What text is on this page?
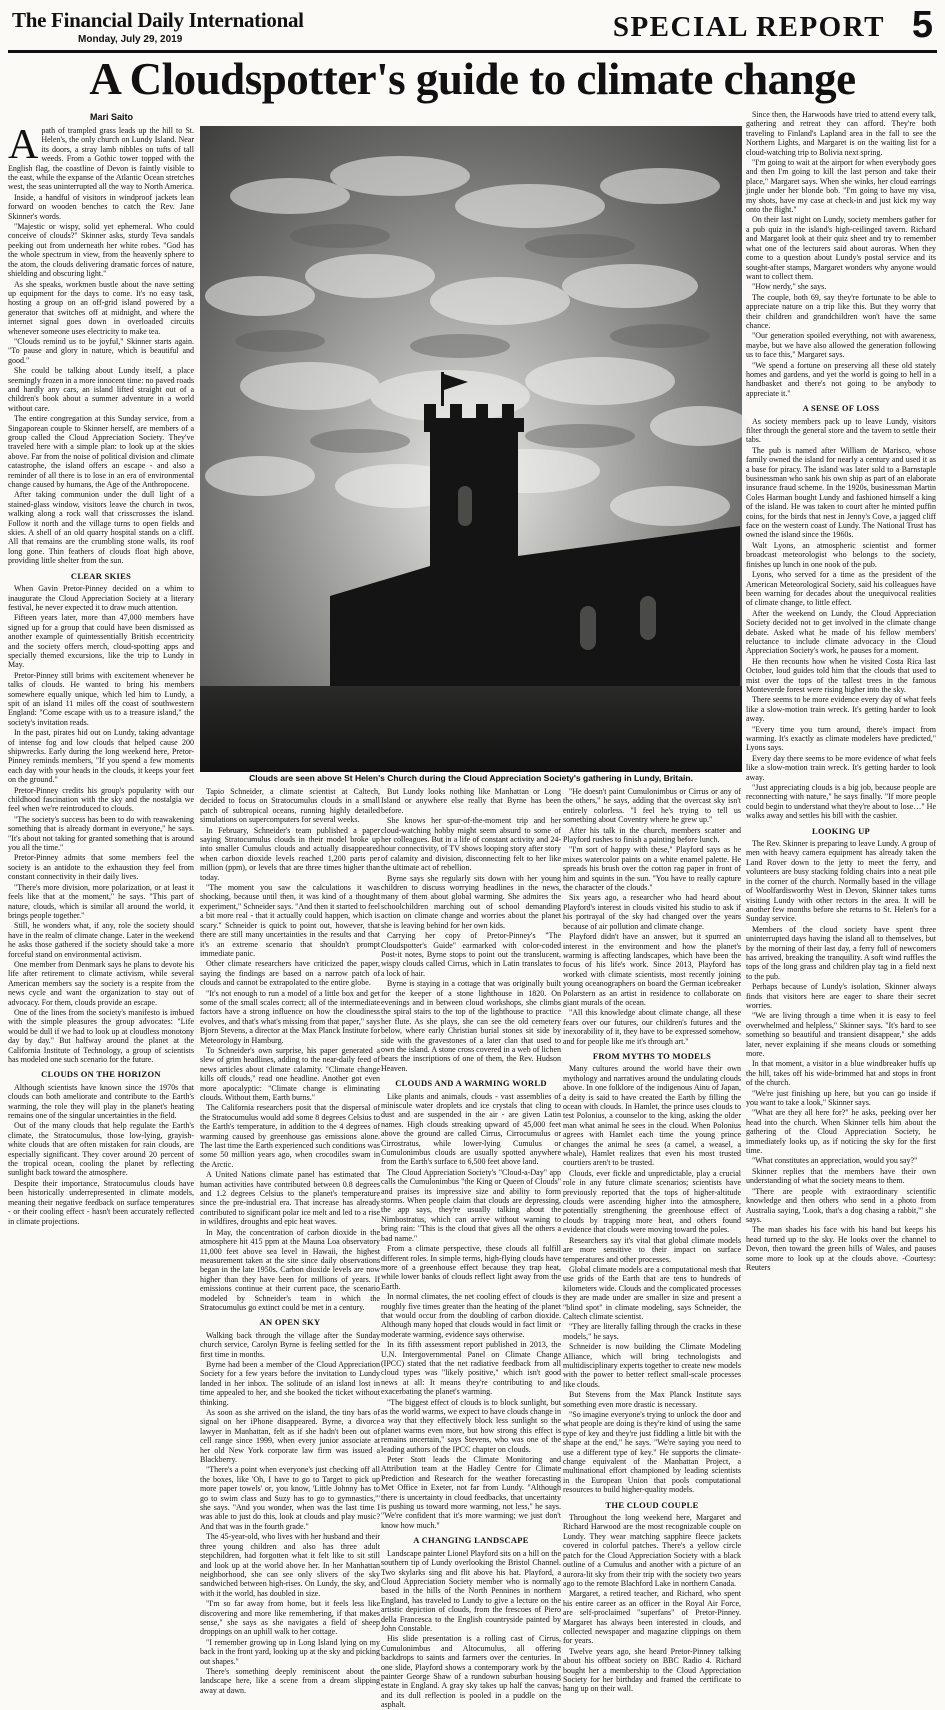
The Financial Daily International
Monday, July 29, 2019	SPECIAL REPORT 5
A Cloudspotter's guide to climate change
Mari Saito
Clouds are seen above St Helen's Church during the Cloud Appreciation Society's gathering in Lundy, Britain.

Apath of trampled grass leads up the hill to St. Helen's, the only church on Lundy Island. Near its doors, a stray lamb nibbles on tufts of tall weeds. From a Gothic tower topped with the English flag, the coastline of Devon is faintly visible to the east, while the expanse of the Atlantic Ocean stretches west, the seas uninterrupted all the way to North America.

Inside, a handful of visitors in windproof jackets lean forward on wooden benches to catch the Rev. Jane Skinner's words.

"Majestic or wispy, solid yet ephemeral. Who could conceive of clouds?" Skinner asks, sturdy Teva sandals peeking out from underneath her white robes. "God has the whole spectrum in view, from the heavenly sphere to the atom, the clouds delivering dramatic forces of nature, shielding and obscuring light."

As she speaks, workmen bustle about the nave setting up equipment for the days to come. It's no easy task, hosting a group on an off-grid island powered by a generator that switches off at midnight, and where the internet signal goes down in overloaded circuits whenever someone uses electricity to make tea.

"Clouds remind us to be joyful," Skinner starts again. "To pause and glory in nature, which is beautiful and good."

She could be talking about Lundy itself, a place seemingly frozen in a more innocent time: no paved roads and hardly any cars, an island lifted straight out of a children's book about a summer adventure in a world without care.

The entire congregation at this Sunday service, from a Singaporean couple to Skinner herself, are members of a group called the Cloud Appreciation Society. They've traveled here with a simple plan: to look up at the skies above. Far from the noise of political division and climate catastrophe, the island offers an escape - and also a reminder of all there is to lose in an era of environmental change caused by humans, the Age of the Anthropocene.

After taking communion under the dull light of a stained-glass window, visitors leave the church in twos, walking along a rock wall that crisscrosses the island. Follow it north and the village turns to open fields and skies. A shell of an old quarry hospital stands on a cliff. All that remains are the crumbling stone walls, its roof long gone. Thin feathers of clouds float high above, providing little shelter from the sun.

CLEAR SKIES

When Gavin Pretor-Pinney decided on a whim to inaugurate the Cloud Appreciation Society at a literary festival, he never expected it to draw much attention.

Fifteen years later, more than 47,000 members have signed up for a group that could have been dismissed as another example of quintessentially British eccentricity and the society offers merch, cloud-spotting apps and specially themed excursions, like the trip to Lundy in May.

Pretor-Pinney still brims with excitement whenever he talks of clouds. He wanted to bring his members somewhere equally unique, which led him to Lundy, a spit of an island 11 miles off the coast of southwestern England: "Come escape with us to a treasure island," the society's invitation reads.

In the past, pirates hid out on Lundy, taking advantage of intense fog and low clouds that helped cause 200 shipwrecks. Early during the long weekend here, Pretor-Pinney reminds members, "If you spend a few moments each day with your heads in the clouds, it keeps your feet on the ground."

Pretor-Pinney credits his group's popularity with our childhood fascination with the sky and the nostalgia we feel when we're reintroduced to clouds.

"The society's success has been to do with reawakening something that is already dormant in everyone," he says. "It's about not taking for granted something that is around you all the time."

Pretor-Pinney admits that some members feel the society is an antidote to the exhaustion they feel from constant connectivity in their daily lives.

"There's more division, more polarization, or at least it feels like that at the moment," he says. "This part of nature, clouds, which is similar all around the world, it brings people together."

Still, he wonders what, if any, role the society should have in the realm of climate change. Later in the weekend he asks those gathered if the society should take a more forceful stand on environmental activism.

One member from Denmark says he plans to devote his life after retirement to climate activism, while several American members say the society is a respite from the news cycle and want the organization to stay out of advocacy. For them, clouds provide an escape.

One of the lines from the society's manifesto is imbued with the simple pleasures the group advocates: "Life would be dull if we had to look up at cloudless monotony day by day." But halfway around the planet at the California Institute of Technology, a group of scientists has modeled one such scenario for the future.

CLOUDS ON THE HORIZON

Although scientists have known since the 1970s that clouds can both ameliorate and contribute to the Earth's warming, the role they will play in the planet's heating remains one of the singular uncertainties in the field.

Out of the many clouds that help regulate the Earth's climate, the Stratocumulus, those low-lying, grayish-white clouds that are often mistaken for rain clouds, are especially significant. They cover around 20 percent of the tropical ocean, cooling the planet by reflecting sunlight back toward the atmosphere.

Despite their importance, Stratocumulus clouds have been historically underrepresented in climate models, meaning their negative feedback on surface temperatures - or their cooling effect - hasn't been accurately reflected in climate projections.

Tapio Schneider, a climate scientist at Caltech, decided to focus on Stratocumulus clouds in a small patch of subtropical oceans, running highly detailed simulations on supercomputers for several weeks.

In February, Schneider's team published a paper saying Stratocumulus clouds in their model broke up into smaller Cumulus clouds and actually disappeared when carbon dioxide levels reached 1,200 parts per million (ppm), or levels that are three times higher than today.

"The moment you saw the calculations it was shocking, because until then, it was kind of a thought experiment," Schneider says. "And then it started to feel a bit more real - that it actually could happen, which is scary." Schneider is quick to point out, however, that there are still many uncertainties in the results and that it's an extreme scenario that shouldn't prompt immediate panic.

Other climate researchers have criticized the paper, saying the findings are based on a narrow patch of clouds and cannot be extrapolated to the entire globe.

"It's not enough to run a model of a little box and get some of the small scales correct; all of the intermediate factors have a strong influence on how the cloudiness evolves, and that's what's missing from that paper," says Bjorn Stevens, a director at the Max Planck Institute for Meteorology in Hamburg.

To Schneider's own surprise, his paper generated a slew of grim headlines, adding to the near-daily feed of news articles about climate calamity. "Climate change kills off clouds," read one headline. Another got even more apocalyptic: "Climate change is eliminating clouds. Without them, Earth burns."

The California researchers posit that the dispersal of the Stratocumulus would add some 8 degrees Celsius to the Earth's temperature, in addition to the 4 degrees of warming caused by greenhouse gas emissions alone. The last time the Earth experienced such conditions was some 50 million years ago, when crocodiles swam in the Arctic.

A United Nations climate panel has estimated that human activities have contributed between 0.8 degrees and 1.2 degrees Celsius to the planet's temperature since the pre-industrial era. That increase has already contributed to significant polar ice melt and led to a rise in wildfires, droughts and epic heat waves.

In May, the concentration of carbon dioxide in the atmosphere hit 415 ppm at the Mauna Loa observatory 11,000 feet above sea level in Hawaii, the highest measurement taken at the site since daily observations began in the late 1950s. Carbon dioxide levels are now higher than they have been for millions of years. If emissions continue at their current pace, the scenario modeled by Schneider's team in which the Stratocumulus go extinct could be met in a century.

AN OPEN SKY

Walking back through the village after the Sunday church service, Carolyn Byrne is feeling settled for the first time in months.

Byrne had been a member of the Cloud Appreciation Society for a few years before the invitation to Lundy landed in her inbox. The solitude of an island lost in time appealed to her, and she booked the ticket without thinking.

As soon as she arrived on the island, the tiny bars of signal on her iPhone disappeared. Byrne, a divorce lawyer in Manhattan, felt as if she hadn't been out of cell range since 1999, when every junior associate at her old New York corporate law firm was issued a Blackberry.

"There's a point when everyone's just checking off all the boxes, like 'Oh, I have to go to Target to pick up more paper towels' or, you know, 'Little Johnny has to go to swim class and Suzy has to go to gymnastics,'" she says. "And you wonder, when was the last time I was able to just do this, look at clouds and play music? And that was in the fourth grade."

The 45-year-old, who lives with her husband and their three young children and also has three adult stepchildren, had forgotten what it felt like to sit still and look up at the world above her. In her Manhattan neighborhood, she can see only slivers of the sky sandwiched between high-rises. On Lundy, the sky, and with it the world, has doubled in size.

"I'm so far away from home, but it feels less like discovering and more like remembering, if that makes sense," she says as she navigates a field of sheep droppings on an uphill walk to her cottage.

"I remember growing up in Long Island lying on my back in the front yard, looking up at the sky and picking out shapes."

There's something deeply reminiscent about the landscape here, like a scene from a dream slipping away at dawn.

But Lundy looks nothing like Manhattan or Long Island or anywhere else really that Byrne has been before.

She knows her spur-of-the-moment trip and her cloud-watching hobby might seem absurd to some of her colleagues. But in a life of constant activity and 24-hour connectivity, of TV shows looping story after story of calamity and division, disconnecting felt to her like the ultimate act of rebellion.

Byrne says she regularly sits down with her young children to discuss worrying headlines in the news, many of them about global warming. She admires the schoolchildren marching out of school demanding action on climate change and worries about the planet she is leaving behind for her own kids.

Carrying her copy of Pretor-Pinney's "The Cloudspotter's Guide" earmarked with color-coded Post-it notes, Byrne stops to point out the translucent, wispy clouds called Cirrus, which in Latin translates to a lock of hair.

Byrne is staying in a cottage that was originally built for the keeper of a stone lighthouse in 1820. On evenings and in between cloud workshops, she climbs the spiral stairs to the top of the lighthouse to practice her flute. As she plays, she can see the old cemetery below, where early Christian burial stones sit side by side with the gravestones of a later clan that used to own the island. A stone cross covered in a web of lichen bears the inscriptions of one of them, the Rev. Hudson Heaven.

CLOUDS AND A WARMING WORLD

Like plants and animals, clouds - vast assemblies of miniscule water droplets and ice crystals that cling to dust and are suspended in the air - are given Latin names. High clouds streaking upward of 45,000 feet above the ground are called Cirrus, Cirrocumulus or Cirrostratus, while lower-lying Cumulus or Cumulonimbus clouds are usually spotted anywhere from the Earth's surface to 6,500 feet above land.

The Cloud Appreciation Society's "Cloud-a-Day" app calls the Cumulonimbus "the King or Queen of Clouds" and praises its impressive size and ability to form storms. When people claim that clouds are depressing, the app says, they're usually talking about the Nimbostratus, which can arrive without warning to bring rain: "This is the cloud that gives all the others a bad name."

From a climate perspective, these clouds all fulfill different roles. In simple terms, high-flying clouds have more of a greenhouse effect because they trap heat, while lower banks of clouds reflect light away from the Earth.

In normal climates, the net cooling effect of clouds is roughly five times greater than the heating of the planet that would occur from the doubling of carbon dioxide. Although many hoped that clouds would in fact limit or moderate warming, evidence says otherwise.

In its fifth assessment report published in 2013, the U.N. Intergovernmental Panel on Climate Change (IPCC) stated that the net radiative feedback from all cloud types was "likely positive," which isn't good news at all: It means they're contributing to and exacerbating the planet's warming.

"The biggest effect of clouds is to block sunlight, but as the world warms, we expect to have clouds change in a way that they effectively block less sunlight so the planet warms even more, but how strong this effect is remains uncertain," says Stevens, who was one of the leading authors of the IPCC chapter on clouds.

Peter Stott leads the Climate Monitoring and Attribution team at the Hadley Centre for Climate Prediction and Research for the weather forecasting Met Office in Exeter, not far from Lundy. "Although there is uncertainty in cloud feedbacks, that uncertainty is pushing us toward more warming, not less," he says. "We're confident that it's more warming; we just don't know how much."

A CHANGING LANDSCAPE

Landscape painter Lionel Playford sits on a hill on the southern tip of Lundy overlooking the Bristol Channel. Two skylarks sing and flit above his hat. Playford, a Cloud Appreciation Society member who is normally based in the hills of the North Pennines in northern England, has traveled to Lundy to give a lecture on the artistic depiction of clouds, from the frescoes of Piero della Francesca to the English countryside painted by John Constable.

His slide presentation is a rolling cast of Cirrus, Cumulonimbus and Altocumulus, all offering backdrops to saints and farmers over the centuries. In one slide, Playford shows a contemporary work by the painter George Shaw of a rundown suburban housing estate in England. A gray sky takes up half the canvas, and its dull reflection is pooled in a puddle on the asphalt.

"He doesn't paint Cumulonimbus or Cirrus or any of the others," he says, adding that the overcast sky isn't entirely colorless. "I feel he's trying to tell us something about Coventry where he grew up."

After his talk in the church, members scatter and Playford rushes to finish a painting before lunch.

"I'm sort of happy with these," Playford says as he mixes watercolor paints on a white enamel palette. He spreads his brush over the cotton rag paper in front of him and squints in the sun. "You have to really capture the character of the clouds."

Six years ago, a researcher who had heard about Playford's interest in clouds visited his studio to ask if his portrayal of the sky had changed over the years because of air pollution and climate change.

Playford didn't have an answer, but it spurred an interest in the environment and how the planet's warming is affecting landscapes, which have been the focus of his life's work. Since 2013, Playford has worked with climate scientists, most recently joining young oceanographers on board the German icebreaker Polarstern as an artist in residence to collaborate on giant murals of the ocean.

"All this knowledge about climate change, all these fears over our futures, our children's futures and the inexorability of it, they have to be expressed somehow, and for people like me it's through art."

FROM MYTHS TO MODELS

Many cultures around the world have their own mythology and narratives around the undulating clouds above. In one folklore of the indigenous Ainu of Japan, a deity is said to have created the Earth by filling the ocean with clouds. In Hamlet, the prince uses clouds to test Polonius, a counselor to the king, asking the older man what animal he sees in the cloud. When Polonius agrees with Hamlet each time the young prince changes the animal he sees (a camel, a weasel, a whale), Hamlet realizes that even his most trusted courtiers aren't to be trusted.

Clouds, ever fickle and unpredictable, play a crucial role in any future climate scenarios; scientists have previously reported that the tops of higher-altitude clouds were ascending higher into the atmosphere, potentially strengthening the greenhouse effect of clouds by trapping more heat, and others found evidence that clouds were moving toward the poles.

Researchers say it's vital that global climate models are more sensitive to their impact on surface temperatures and other processes.

Global climate models are a computational mesh that use grids of the Earth that are tens to hundreds of kilometers wide. Clouds and the complicated processes they are made under are smaller in size and present a "blind spot" in climate modeling, says Schneider, the Caltech climate scientist.

"They are literally falling through the cracks in these models," he says.

Schneider is now building the Climate Modeling Alliance, which will bring technologists and multidisciplinary experts together to create new models with the power to better reflect small-scale processes like clouds.

But Stevens from the Max Planck Institute says something even more drastic is necessary.

"So imagine everyone's trying to unlock the door and what people are doing is they're kind of using the same type of key and they're just fiddling a little bit with the shape at the end," he says. "We're saying you need to use a different type of key." He supports the climate-change equivalent of the Manhattan Project, a multinational effort championed by leading scientists in the European Union that pools computational resources to build higher-quality models.

THE CLOUD COUPLE

Throughout the long weekend here, Margaret and Richard Harwood are the most recognizable couple on Lundy. They wear matching sapphire fleece jackets covered in colorful patches. There's a yellow circle patch for the Cloud Appreciation Society with a black outline of a Cumulus and another with a picture of an aurora-lit sky from their trip with the society two years ago to the remote Blachford Lake in northern Canada.

Margaret, a retired teacher, and Richard, who spent his entire career as an officer in the Royal Air Force, are self-proclaimed "superfans" of Pretor-Pinney. Margaret has always been interested in clouds, and collected newspaper and magazine clippings on them for years.

Twelve years ago, she heard Pretor-Pinney talking about his offbeat society on BBC Radio 4. Richard bought her a membership to the Cloud Appreciation Society for her birthday and framed the certificate to hang up on their wall.

Since then, the Harwoods have tried to attend every talk, gathering and retreat they can afford. They're both traveling to Finland's Lapland area in the fall to see the Northern Lights, and Margaret is on the waiting list for a cloud-watching trip to Bolivia next spring.

"I'm going to wait at the airport for when everybody goes and then I'm going to kill the last person and take their place," Margaret says. When she winks, her cloud earrings jingle under her blonde bob. "I'm going to have my visa, my shots, have my case at check-in and just kick my way onto the flight."

On their last night on Lundy, society members gather for a pub quiz in the island's high-ceilinged tavern. Richard and Margaret look at their quiz sheet and try to remember what one of the lecturers said about auroras. When they come to a question about Lundy's postal service and its sought-after stamps, Margaret wonders why anyone would want to collect them.

"How nerdy," she says.

The couple, both 69, say they're fortunate to be able to appreciate nature on a trip like this. But they worry that their children and grandchildren won't have the same chance.

"Our generation spoiled everything, not with awareness, maybe, but we have also allowed the generation following us to face this," Margaret says.

"We spend a fortune on preserving all these old stately homes and gardens, and yet the world is going to hell in a handbasket and there's not going to be anybody to appreciate it."

A SENSE OF LOSS

As society members pack up to leave Lundy, visitors filter through the general store and the tavern to settle their tabs.

The pub is named after William de Marisco, whose family owned the island for nearly a century and used it as a base for piracy. The island was later sold to a Barnstaple businessman who sank his own ship as part of an elaborate insurance fraud scheme. In the 1920s, businessman Martin Coles Harman bought Lundy and fashioned himself a king of the island. He was taken to court after he minted puffin coins, for the birds that nest in Jenny's Cove, a jagged cliff face on the western coast of Lundy. The National Trust has owned the island since the 1960s.

Walt Lyons, an atmospheric scientist and former broadcast meteorologist who belongs to the society, finishes up lunch in one nook of the pub.

Lyons, who served for a time as the president of the American Meteorological Society, said his colleagues have been warning for decades about the unequivocal realities of climate change, to little effect.

After the weekend on Lundy, the Cloud Appreciation Society decided not to get involved in the climate change debate. Asked what he made of his fellow members' reluctance to include climate advocacy in the Cloud Appreciation Society's work, he pauses for a moment.

He then recounts how when he visited Costa Rica last October, loud guides told him that the clouds that used to mist over the tops of the tallest trees in the famous Monteverde forest were rising higher into the sky.

There seems to be more evidence every day of what feels like a slow-motion train wreck. It's getting harder to look away.

"Every time you turn around, there's impact from warming. It's exactly as climate modelers have predicted," Lyons says.

Every day there seems to be more evidence of what feels like a slow-motion train wreck. It's getting harder to look away.

"Just appreciating clouds is a big job, because people are reconnecting with nature," he says finally. "If more people could begin to understand what they're about to lose…" He walks away and settles his bill with the cashier.

LOOKING UP

The Rev. Skinner is preparing to leave Lundy. A group of men with heavy camera equipment has already taken the Land Rover down to the jetty to meet the ferry, and volunteers are busy stacking folding chairs into a neat pile in the corner of the church. Normally based in the village of Woolfardisworthy West in Devon, Skinner takes turns visiting Lundy with other rectors in the area. It will be another few months before she returns to St. Helen's for a Sunday service.

Members of the cloud society have spent three uninterrupted days having the island all to themselves, but by the morning of their last day, a ferry full of newcomers has arrived, breaking the tranquility. A soft wind ruffles the tops of the long grass and children play tag in a field next to the pub.

Perhaps because of Lundy's isolation, Skinner always finds that visitors here are eager to share their secret worries.

"We are living through a time when it is easy to feel overwhelmed and helpless," Skinner says. "It's hard to see something so beautiful and transient disappear," she adds later, never explaining if she means clouds or something more.

In that moment, a visitor in a blue windbreaker huffs up the hill, takes off his wide-brimmed hat and stops in front of the church.

"We're just finishing up here, but you can go inside if you want to take a look," Skinner says.

"What are they all here for?" he asks, peeking over her head into the church. When Skinner tells him about the gathering of the Cloud Appreciation Society, he immediately looks up, as if noticing the sky for the first time.

"What constitutes an appreciation, would you say?"

Skinner replies that the members have their own understanding of what the society means to them.

"There are people with extraordinary scientific knowledge and then others who send in a photo from Australia saying, 'Look, that's a dog chasing a rabbit,'" she says.

The man shades his face with his hand but keeps his head turned up to the sky. He looks over the channel to Devon, then toward the green hills of Wales, and pauses some more to look up at the clouds above. -Courtesy: Reuters
